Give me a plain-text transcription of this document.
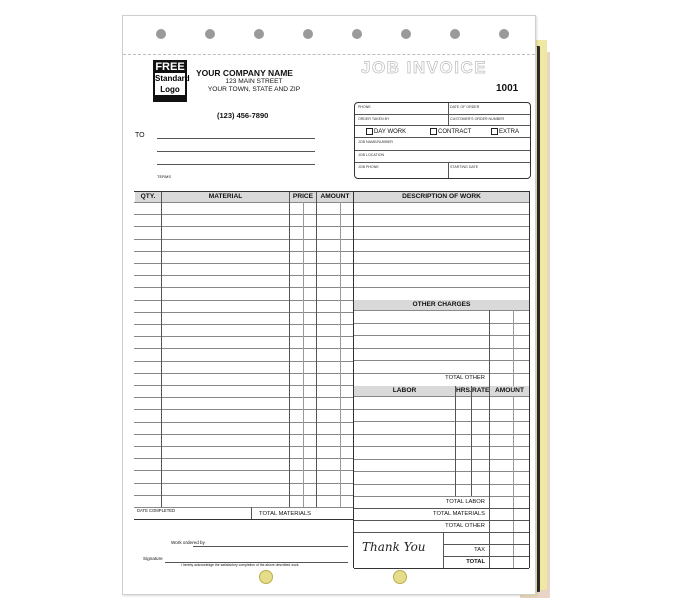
FREE
Standard
Logo
YOUR COMPANY NAME
123 MAIN STREET
YOUR TOWN, STATE AND ZIP
(123) 456-7890
JOB INVOICE
1001
PHONE	DATE OF ORDER
ORDER TAKEN BY	CUSTOMER'S ORDER NUMBER
DAY WORK	CONTRACT	EXTRA
JOB NAME/NUMBER
JOB LOCATION
JOB PHONE	STARTING DATE
TO
TERMS
QTY.	MATERIAL	PRICE	AMOUNT	DESCRIPTION OF WORK
DATE COMPLETED
TOTAL MATERIALS
OTHER CHARGES
TOTAL OTHER
LABOR	HRS. RATE AMOUNT
TOTAL LABOR
TOTAL MATERIALS
TOTAL OTHER
TAX
TOTAL
Thank You
Work ordered by
Signature
I hereby acknowledge the satisfactory completion of the above described work.
